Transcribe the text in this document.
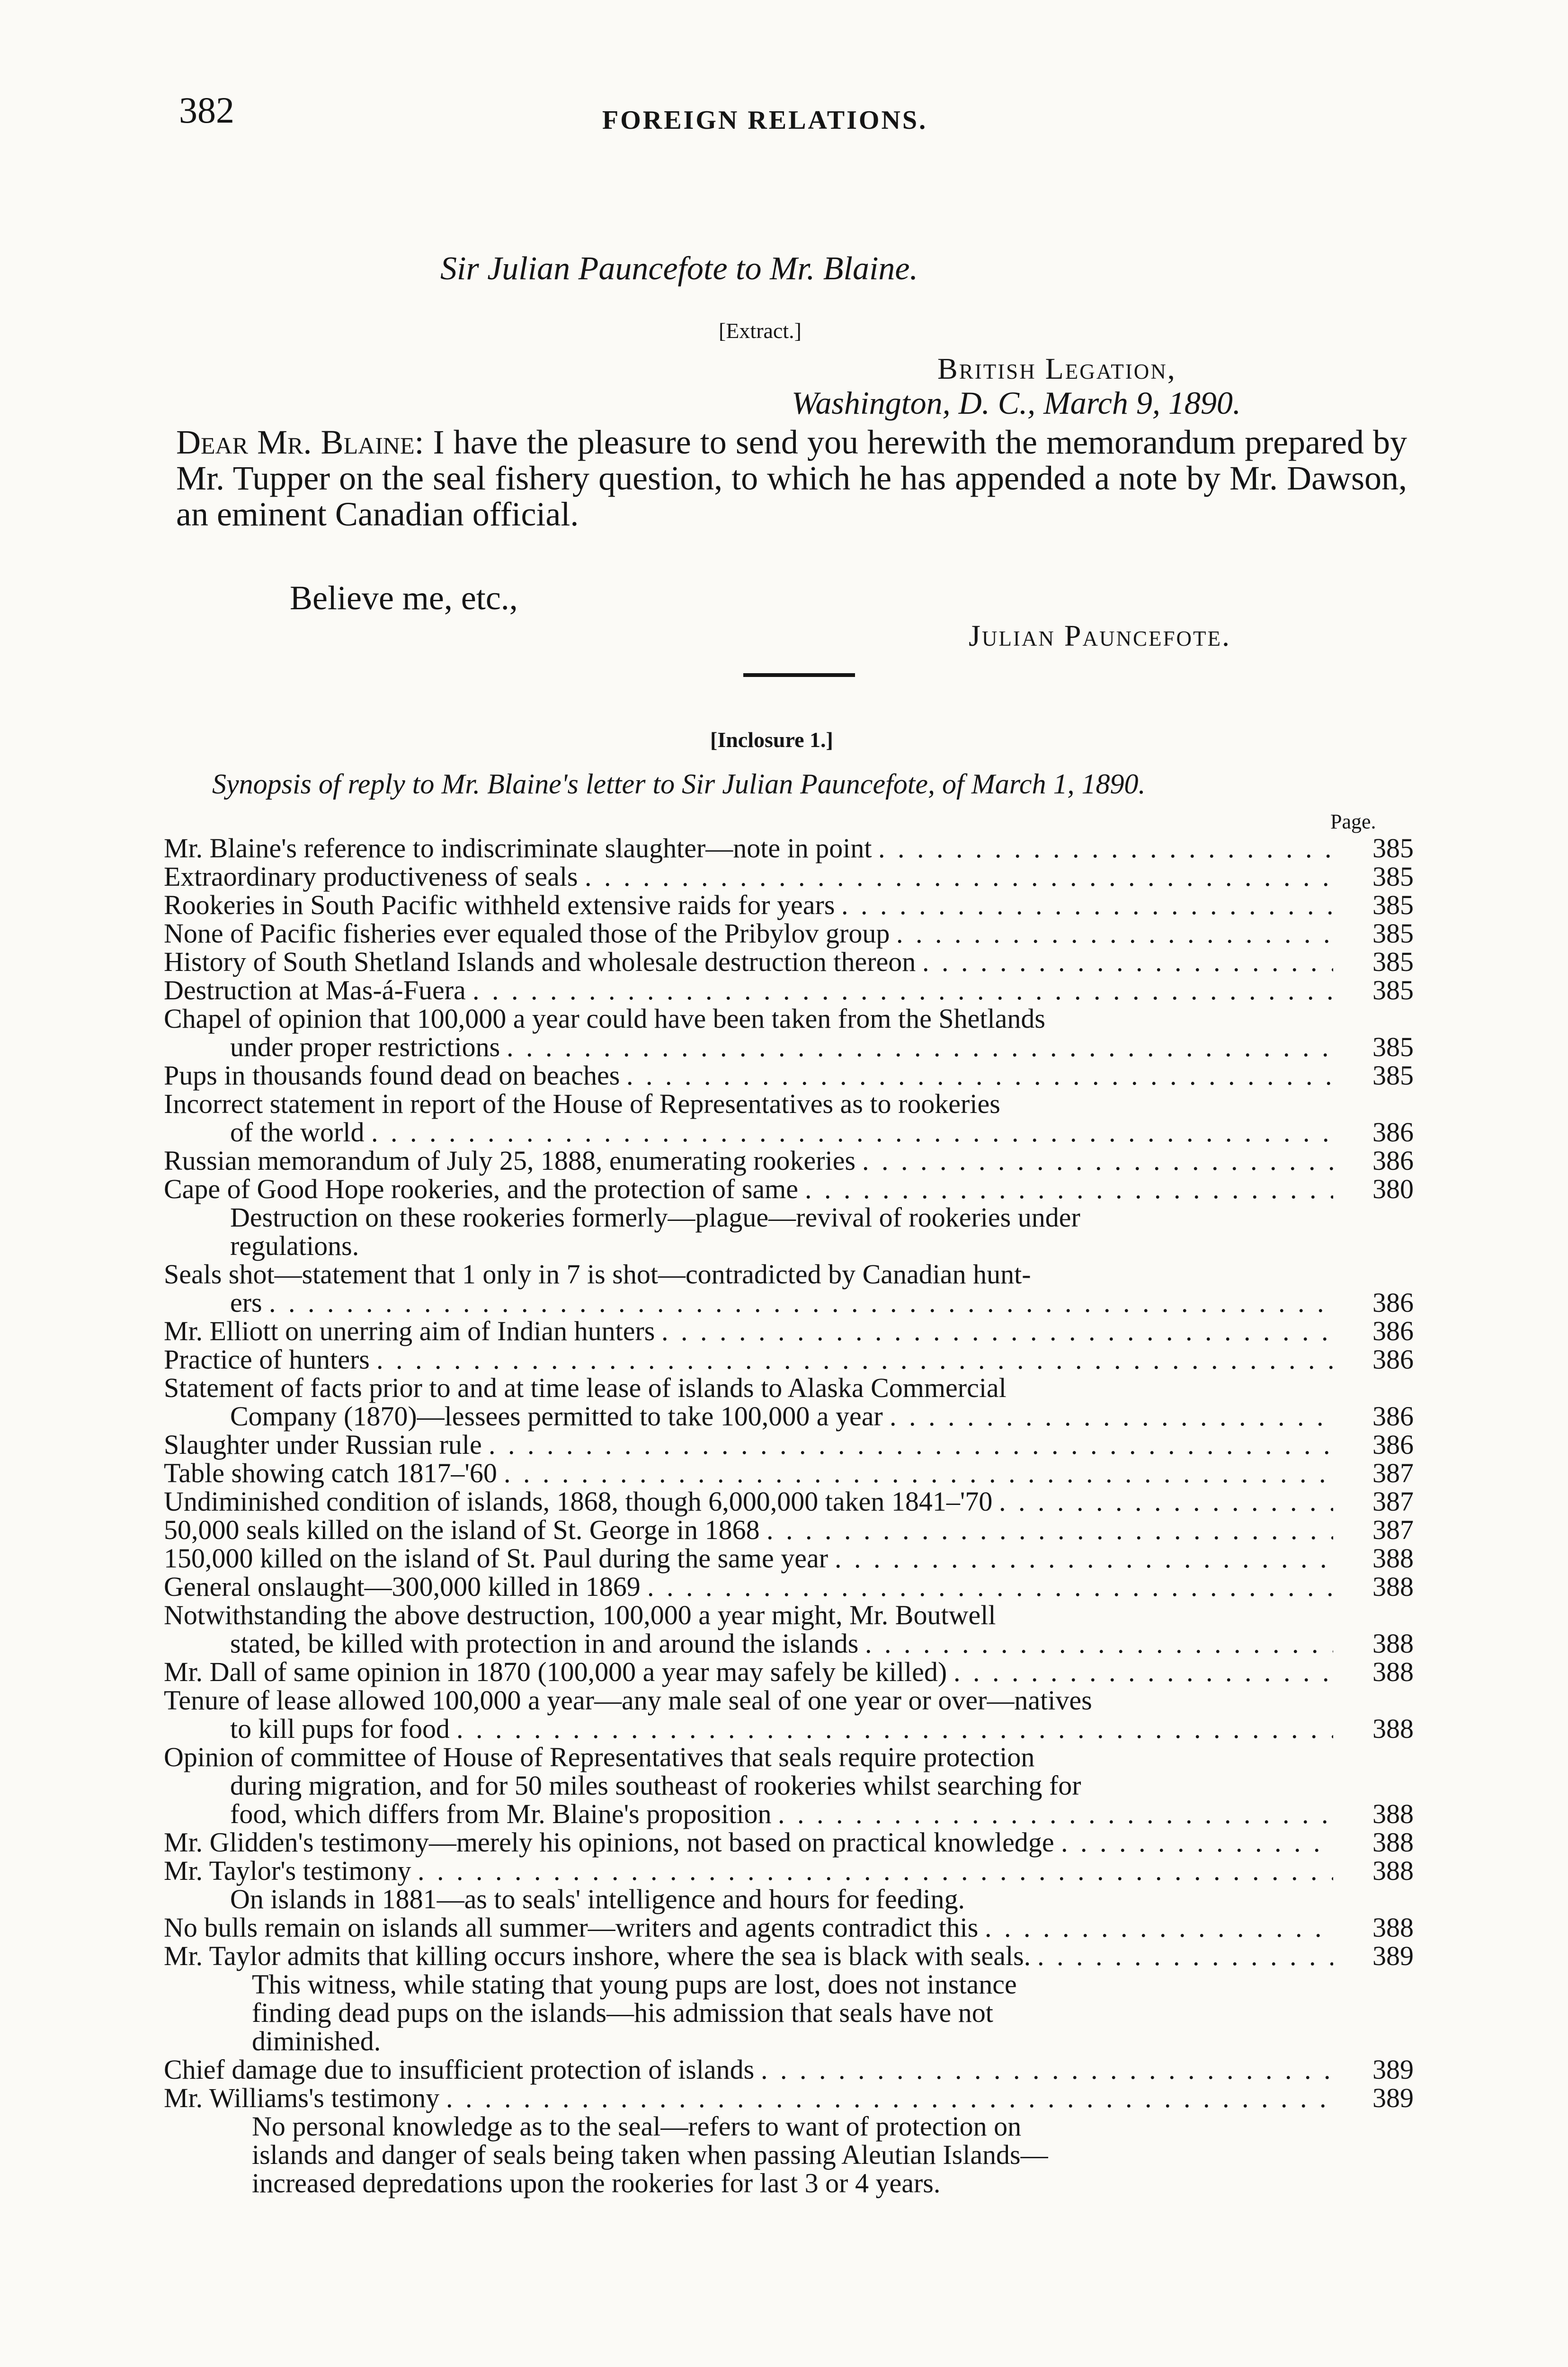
382	FOREIGN RELATIONS.
Sir Julian Pauncefote to Mr. Blaine.
[Extract.]
British Legation,
Washington, D. C., March 9, 1890.
Dear Mr. Blaine: I have the pleasure to send you herewith the memorandum prepared by Mr. Tupper on the seal fishery question, to which he has appended a note by Mr. Dawson, an eminent Canadian official.
Believe me, etc.,
Julian Pauncefote.
[Inclosure 1.]
Synopsis of reply to Mr. Blaine's letter to Sir Julian Pauncefote, of March 1, 1890.
Page.
Mr. Blaine's reference to indiscriminate slaughter—note in point . . .	385
Extraordinary productiveness of seals . . .	385
Rookeries in South Pacific withheld extensive raids for years . . .	385
None of Pacific fisheries ever equaled those of the Pribylov group . . .	385
History of South Shetland Islands and wholesale destruction thereon . . .	385
Destruction at Mas-á-Fuera . . .	385
Chapel of opinion that 100,000 a year could have been taken from the Shetlands
under proper restrictions . . .	385
Pups in thousands found dead on beaches . . .	385
Incorrect statement in report of the House of Representatives as to rookeries
of the world . . .	386
Russian memorandum of July 25, 1888, enumerating rookeries . . .	386
Cape of Good Hope rookeries, and the protection of same . . .	380
Destruction on these rookeries formerly—plague—revival of rookeries under
regulations.
Seals shot—statement that 1 only in 7 is shot—contradicted by Canadian hunt-
ers . . .	386
Mr. Elliott on unerring aim of Indian hunters . . .	386
Practice of hunters . . .	386
Statement of facts prior to and at time lease of islands to Alaska Commercial
Company (1870)—lessees permitted to take 100,000 a year . . .	386
Slaughter under Russian rule . . .	386
Table showing catch 1817–'60 . . .	387
Undiminished condition of islands, 1868, though 6,000,000 taken 1841–'70 . . .	387
50,000 seals killed on the island of St. George in 1868 . . .	387
150,000 killed on the island of St. Paul during the same year . . .	388
General onslaught—300,000 killed in 1869 . . .	388
Notwithstanding the above destruction, 100,000 a year might, Mr. Boutwell
stated, be killed with protection in and around the islands . . .	388
Mr. Dall of same opinion in 1870 (100,000 a year may safely be killed) . . .	388
Tenure of lease allowed 100,000 a year—any male seal of one year or over—natives
to kill pups for food . . .	388
Opinion of committee of House of Representatives that seals require protection
during migration, and for 50 miles southeast of rookeries whilst searching for
food, which differs from Mr. Blaine's proposition . . .	388
Mr. Glidden's testimony—merely his opinions, not based on practical knowledge . . .	388
Mr. Taylor's testimony . . .	388
On islands in 1881—as to seals' intelligence and hours for feeding.
No bulls remain on islands all summer—writers and agents contradict this . . .	388
Mr. Taylor admits that killing occurs inshore, where the sea is black with seals. . . .	389
This witness, while stating that young pups are lost, does not instance
finding dead pups on the islands—his admission that seals have not
diminished.
Chief damage due to insufficient protection of islands . . .	389
Mr. Williams's testimony . . .	389
No personal knowledge as to the seal—refers to want of protection on
islands and danger of seals being taken when passing Aleutian Islands—
increased depredations upon the rookeries for last 3 or 4 years.
